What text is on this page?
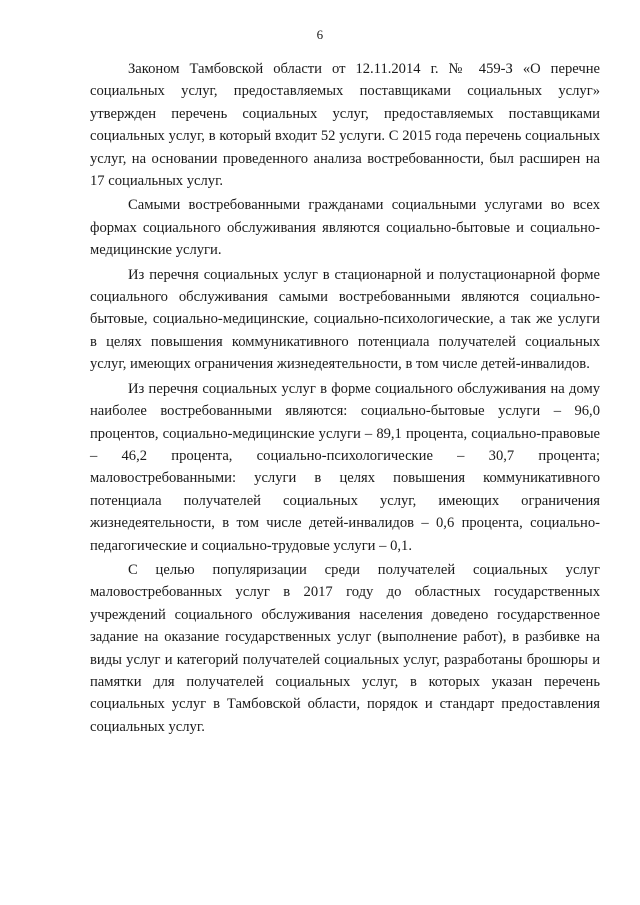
6

Законом Тамбовской области от 12.11.2014 г. № 459-З «О перечне социальных услуг, предоставляемых поставщиками социальных услуг» утвержден перечень социальных услуг, предоставляемых поставщиками социальных услуг, в который входит 52 услуги. С 2015 года перечень социальных услуг, на основании проведенного анализа востребованности, был расширен на 17 социальных услуг.

Самыми востребованными гражданами социальными услугами во всех формах социального обслуживания являются социально-бытовые и социально-медицинские услуги.

Из перечня социальных услуг в стационарной и полустационарной форме социального обслуживания самыми востребованными являются социально-бытовые, социально-медицинские, социально-психологические, а так же услуги в целях повышения коммуникативного потенциала получателей социальных услуг, имеющих ограничения жизнедеятельности, в том числе детей-инвалидов.

Из перечня социальных услуг в форме социального обслуживания на дому наиболее востребованными являются: социально-бытовые услуги – 96,0 процентов, социально-медицинские услуги – 89,1 процента, социально-правовые – 46,2 процента, социально-психологические – 30,7 процента; маловостребованными: услуги в целях повышения коммуникативного потенциала получателей социальных услуг, имеющих ограничения жизнедеятельности, в том числе детей-инвалидов – 0,6 процента, социально-педагогические и социально-трудовые услуги – 0,1.

С целью популяризации среди получателей социальных услуг маловостребованных услуг в 2017 году до областных государственных учреждений социального обслуживания населения доведено государственное задание на оказание государственных услуг (выполнение работ), в разбивке на виды услуг и категорий получателей социальных услуг, разработаны брошюры и памятки для получателей социальных услуг, в которых указан перечень социальных услуг в Тамбовской области, порядок и стандарт предоставления социальных услуг.
